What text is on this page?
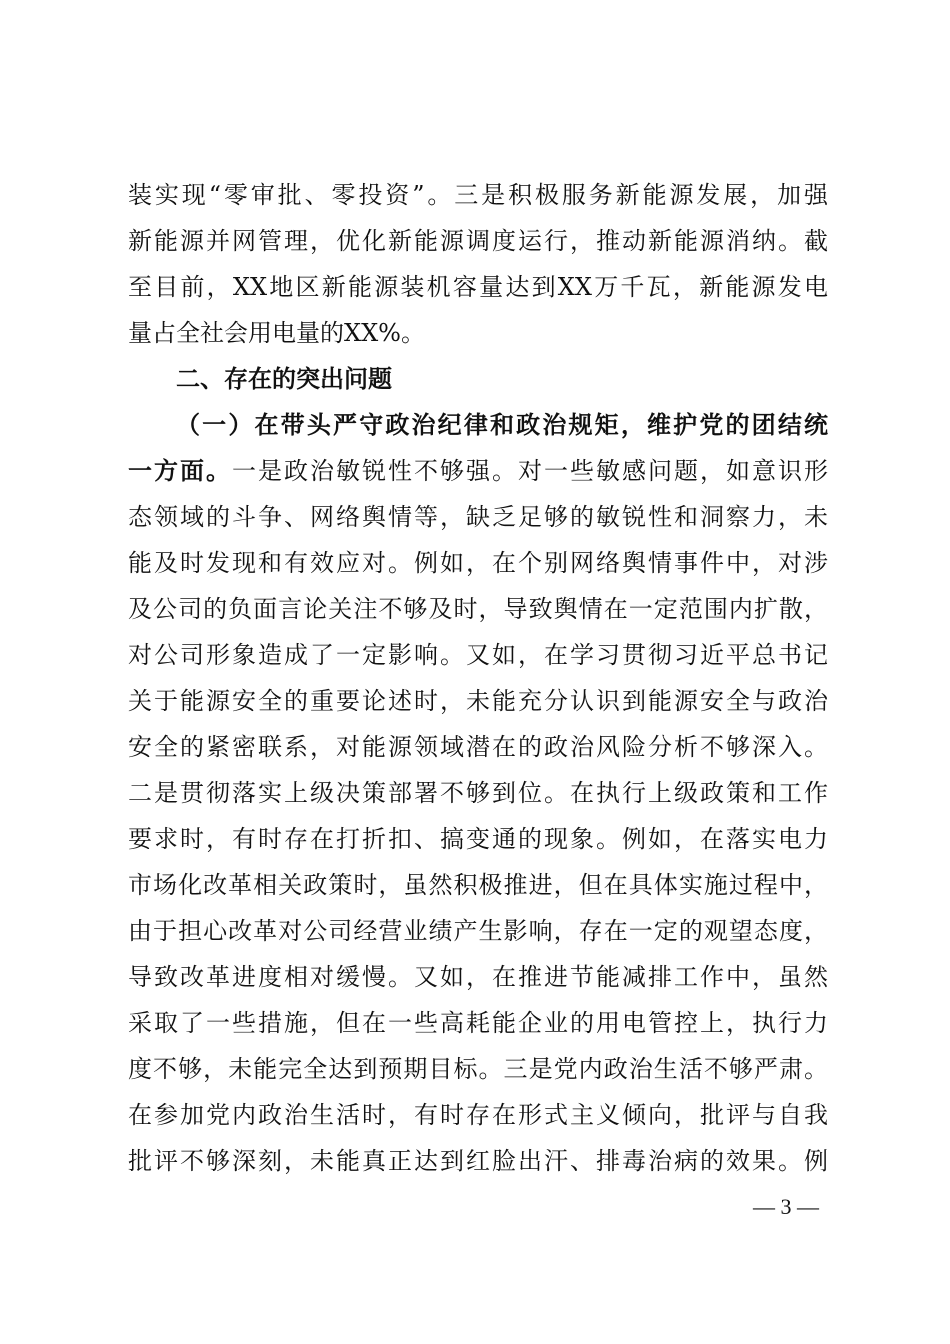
装实现“零审批、零投资”。三是积极服务新能源发展，加强
新能源并网管理，优化新能源调度运行，推动新能源消纳。截
至目前，XX地区新能源装机容量达到XX万千瓦，新能源发电
量占全社会用电量的XX%。
二、存在的突出问题
（一）在带头严守政治纪律和政治规矩，维护党的团结统
一方面。一是政治敏锐性不够强。对一些敏感问题，如意识形
态领域的斗争、网络舆情等，缺乏足够的敏锐性和洞察力，未
能及时发现和有效应对。例如，在个别网络舆情事件中，对涉
及公司的负面言论关注不够及时，导致舆情在一定范围内扩散，
对公司形象造成了一定影响。又如，在学习贯彻习近平总书记
关于能源安全的重要论述时，未能充分认识到能源安全与政治
安全的紧密联系，对能源领域潜在的政治风险分析不够深入。
二是贯彻落实上级决策部署不够到位。在执行上级政策和工作
要求时，有时存在打折扣、搞变通的现象。例如，在落实电力
市场化改革相关政策时，虽然积极推进，但在具体实施过程中，
由于担心改革对公司经营业绩产生影响，存在一定的观望态度，
导致改革进度相对缓慢。又如，在推进节能减排工作中，虽然
采取了一些措施，但在一些高耗能企业的用电管控上，执行力
度不够，未能完全达到预期目标。三是党内政治生活不够严肃。
在参加党内政治生活时，有时存在形式主义倾向，批评与自我
批评不够深刻，未能真正达到红脸出汗、排毒治病的效果。例
— 3 —
